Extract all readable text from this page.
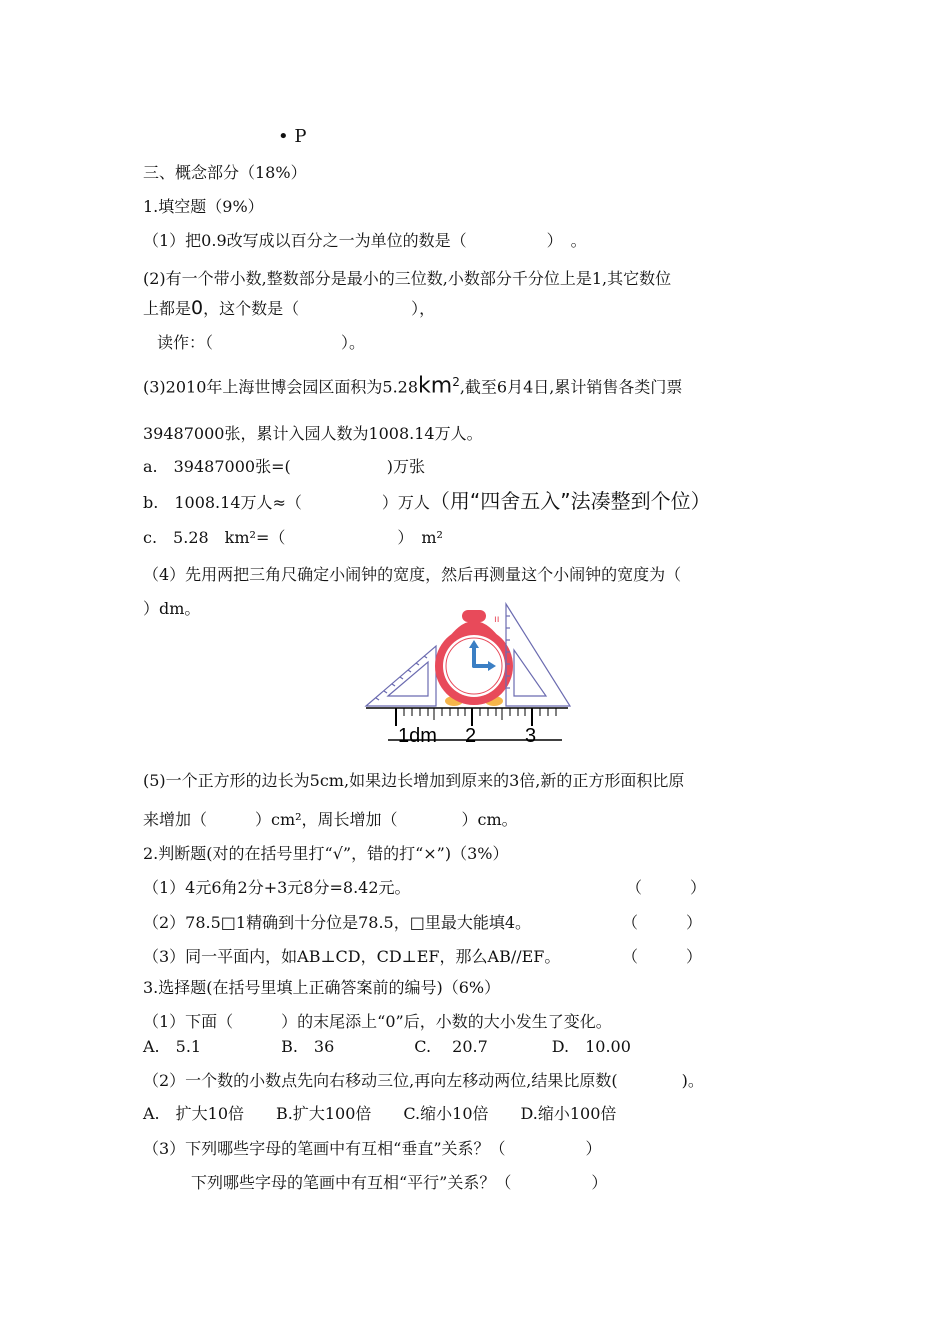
• P
三、概念部分（18%）
1.填空题（9%）
（1）把0.9改写成以百分之一为单位的数是（　　　　　）　。
(2)有一个带小数,整数部分是最小的三位数,小数部分千分位上是1,其它数位
上都是0，这个数是（　　　　　　　），
读作：（　　　　　　　　）。
(3)2010年上海世博会园区面积为$5.28km^2$,截至6月4日,累计销售各类门票
39487000张，累计入园人数为1008.14万人。
a.　39487000张=(　　　　　　)万张
b.　1008.14万人≈（　　　　　）万人（用“四舍五入”法凑整到个位）
c.　5.28　km²=（　　　　　　　）　m²
（4）先用两把三角尺确定小闹钟的宽度，然后再测量这个小闹钟的宽度为（
）dm。
ıı
1dm 2 3
(5)一个正方形的边长为5cm,如果边长增加到原来的3倍,新的正方形面积比原
来增加（　　　）cm²，周长增加（　　　　）cm。
2.判断题(对的在括号里打“√”，错的打“×”)（3%）
（1）4元6角2分+3元8分=8.42元。	（　　　）
（2）78.5□1精确到十分位是78.5，□里最大能填4。	（　　　）
（3）同一平面内，如AB⊥CD，CD⊥EF，那么AB//EF。	（　　　）
3.选择题(在括号里填上正确答案前的编号)（6%）
（1）下面（　　　）的末尾添上“0”后，小数的大小发生了变化。
A.　5.1　　　　　B.　36　　　　　C.　 20.7　　　　D.　10.00
（2）一个数的小数点先向右移动三位,再向左移动两位,结果比原数(　　　　)。
A.　扩大10倍　　B.扩大100倍　　C.缩小10倍　　D.缩小100倍
（3）下列哪些字母的笔画中有互相“垂直”关系？（　　　　　）
下列哪些字母的笔画中有互相“平行”关系？（　　　　　）
